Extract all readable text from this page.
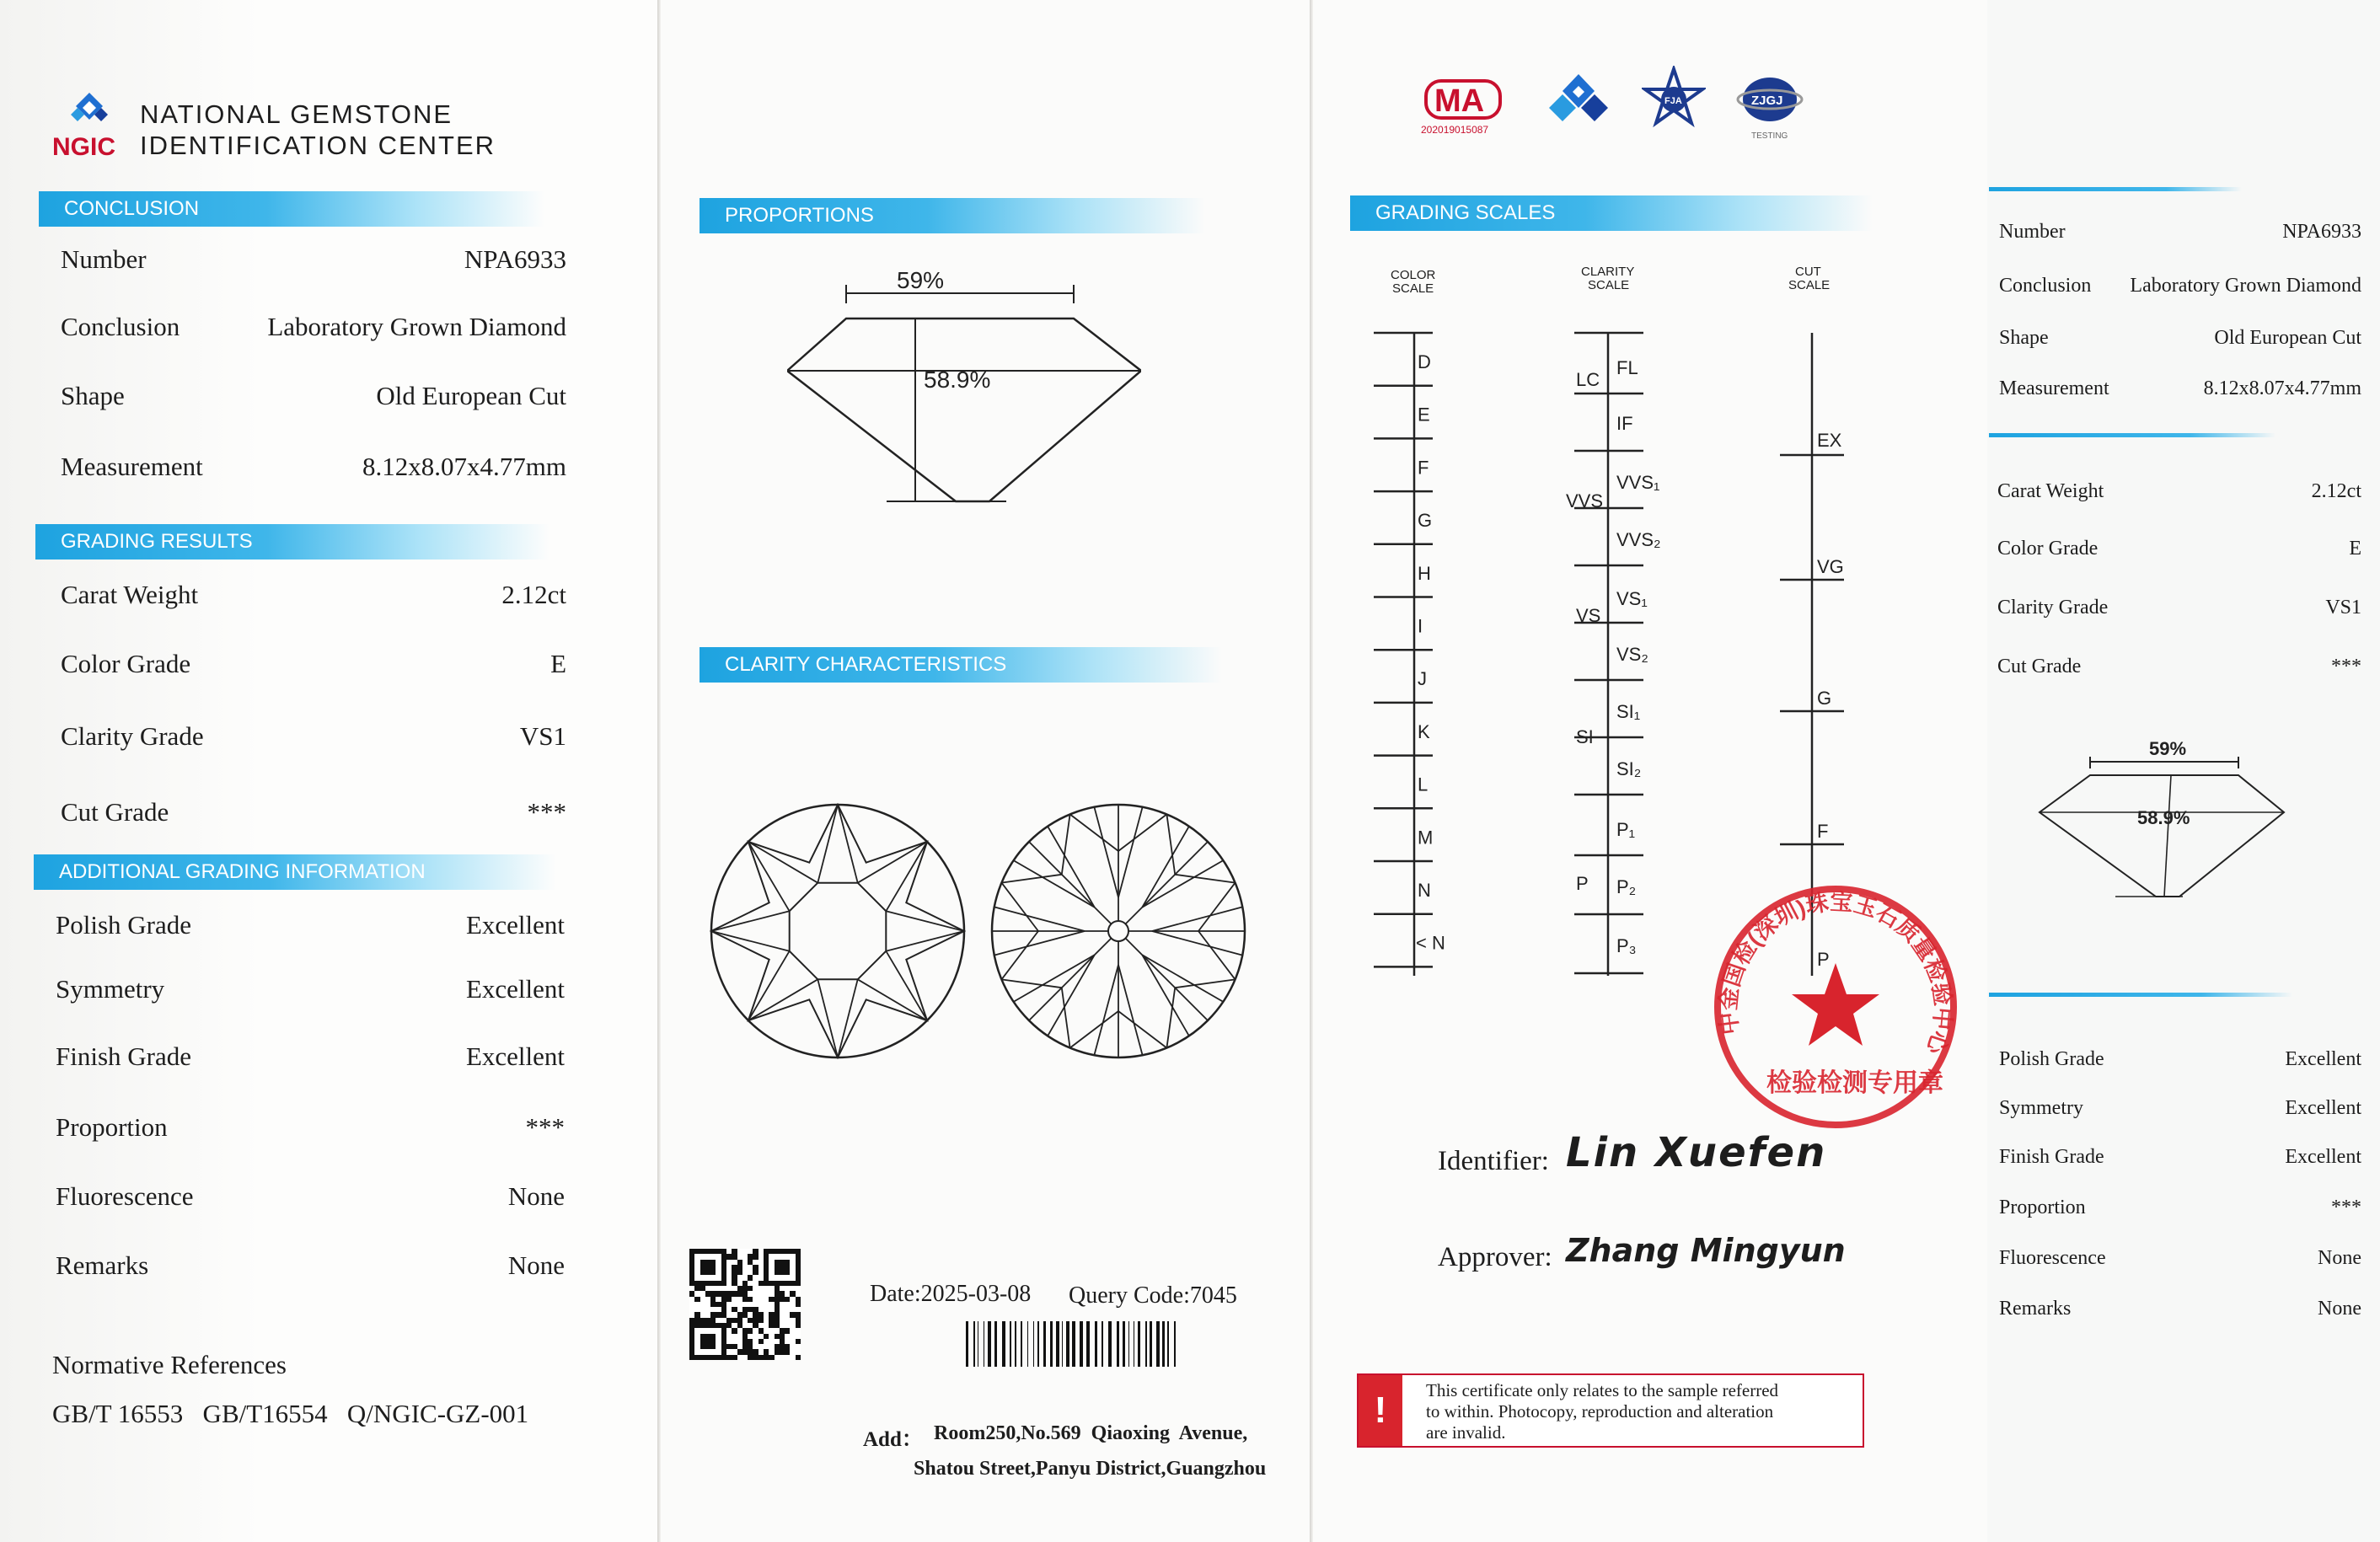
NGIC
NATIONAL GEMSTONE
IDENTIFICATION CENTER
CONCLUSION
Number	NPA6933
Conclusion	Laboratory Grown Diamond
Shape	Old European Cut
Measurement	8.12x8.07x4.77mm
GRADING RESULTS
Carat Weight	2.12ct
Color Grade	E
Clarity Grade	VS1
Cut Grade	***
ADDITIONAL GRADING INFORMATION
Polish Grade	Excellent
Symmetry	Excellent
Finish Grade	Excellent
Proportion	***
Fluorescence	None
Remarks	None
Normative References
GB/T 16553   GB/T16554   Q/NGIC-GZ-001
PROPORTIONS
59%
58.9%
CLARITY CHARACTERISTICS
Date:2025-03-08 Query Code:7045
Add： Room250,No.569  Qiaoxing  Avenue,
Shatou Street,Panyu District,Guangzhou
MA
202019015087
FJA	ZJGJ
TESTING
GRADING SCALES
COLOR
SCALE
CLARITY
SCALE
CUT
SCALE
D
E
F
G
H
I
J
K
L
M
N
< N
LC
VVS
VS
SI
P
FL
IF
VVS₁
VVS₂
VS₁
VS₂
SI₁
SI₂
P₁
P₂
P₃
EX
VG
G
F
P
中金国检(深圳)珠宝玉石质量检验中心
检验检测专用章
Identifier: Lin Xuefen
Approver: Zhang Mingyun
!	This certificate only relates to the sample referred
to within. Photocopy, reproduction and alteration
are invalid.
Number	NPA6933
Conclusion Laboratory Grown Diamond
Shape	Old European Cut
Measurement	8.12x8.07x4.77mm
Carat Weight	2.12ct
Color Grade	E
Clarity Grade	VS1
Cut Grade	***
59%
58.9%
Polish Grade	Excellent
Symmetry	Excellent
Finish Grade	Excellent
Proportion	***
Fluorescence	None
Remarks	None
